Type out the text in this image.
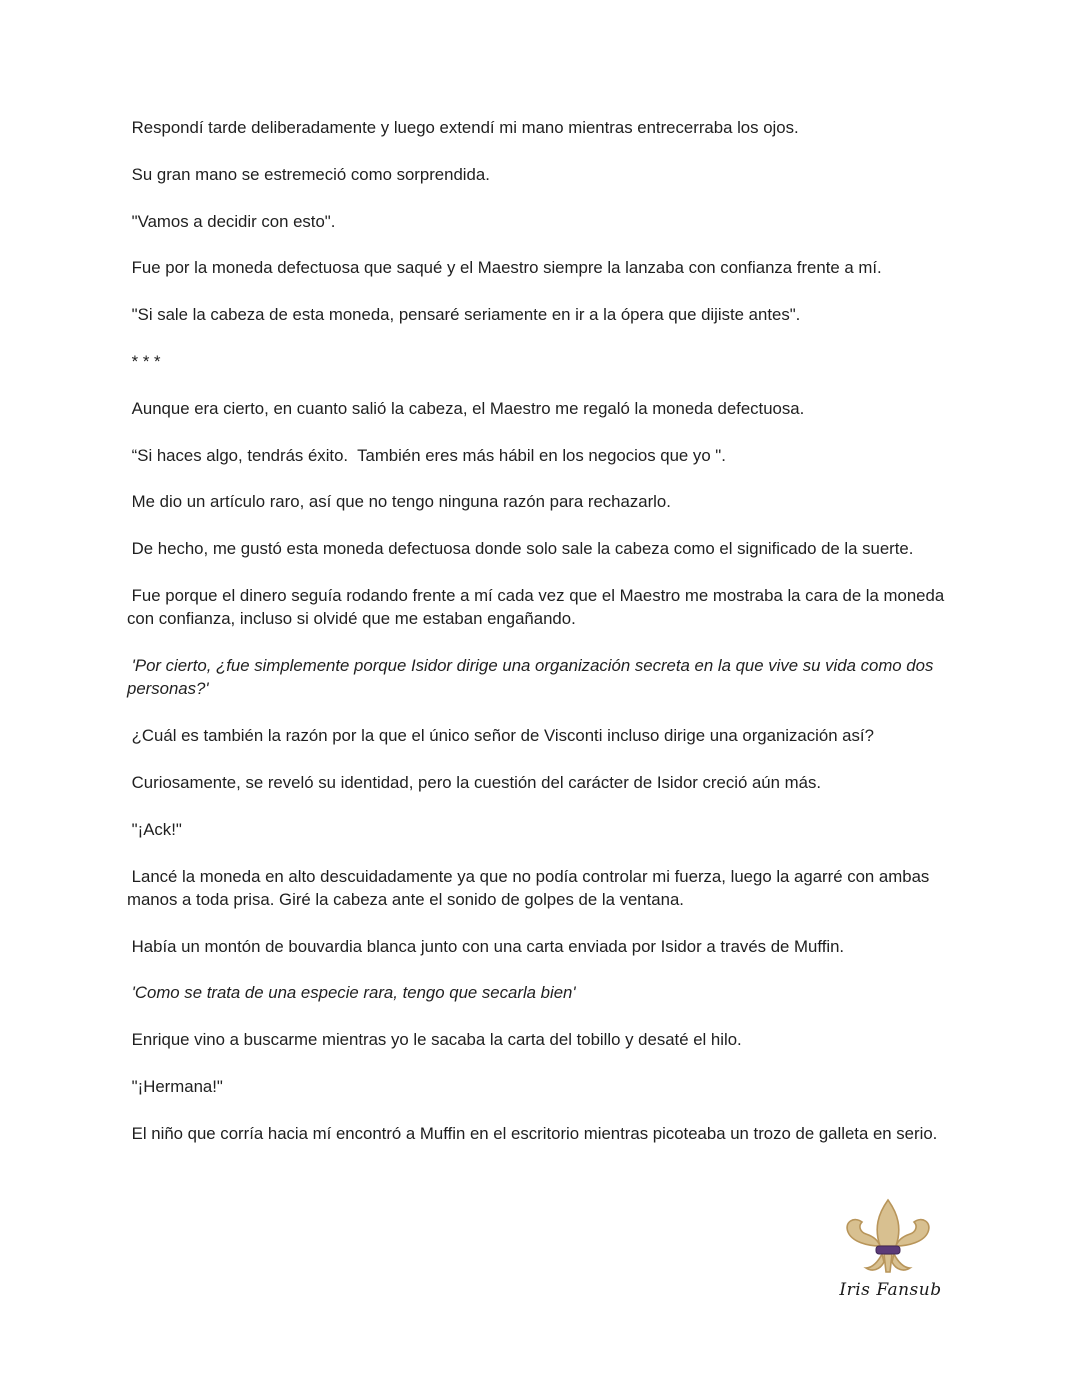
Respondí tarde deliberadamente y luego extendí mi mano mientras entrecerraba los ojos.

Su gran mano se estremeció como sorprendida.

"Vamos a decidir con esto".

Fue por la moneda defectuosa que saqué y el Maestro siempre la lanzaba con confianza frente a mí.

"Si sale la cabeza de esta moneda, pensaré seriamente en ir a la ópera que dijiste antes".

* * *

Aunque era cierto, en cuanto salió la cabeza, el Maestro me regaló la moneda defectuosa.

“Si haces algo, tendrás éxito.  También eres más hábil en los negocios que yo ".

Me dio un artículo raro, así que no tengo ninguna razón para rechazarlo.

De hecho, me gustó esta moneda defectuosa donde solo sale la cabeza como el significado de la suerte.

Fue porque el dinero seguía rodando frente a mí cada vez que el Maestro me mostraba la cara de la moneda con confianza, incluso si olvidé que me estaban engañando.

'Por cierto, ¿fue simplemente porque Isidor dirige una organización secreta en la que vive su vida como dos personas?'

¿Cuál es también la razón por la que el único señor de Visconti incluso dirige una organización así?

Curiosamente, se reveló su identidad, pero la cuestión del carácter de Isidor creció aún más.

"¡Ack!"

Lancé la moneda en alto descuidadamente ya que no podía controlar mi fuerza, luego la agarré con ambas manos a toda prisa. Giré la cabeza ante el sonido de golpes de la ventana.

Había un montón de bouvardia blanca junto con una carta enviada por Isidor a través de Muffin.

'Como se trata de una especie rara, tengo que secarla bien'

Enrique vino a buscarme mientras yo le sacaba la carta del tobillo y desaté el hilo.

"¡Hermana!"

El niño que corría hacia mí encontró a Muffin en el escritorio mientras picoteaba un trozo de galleta en serio.

Iris Fansub
